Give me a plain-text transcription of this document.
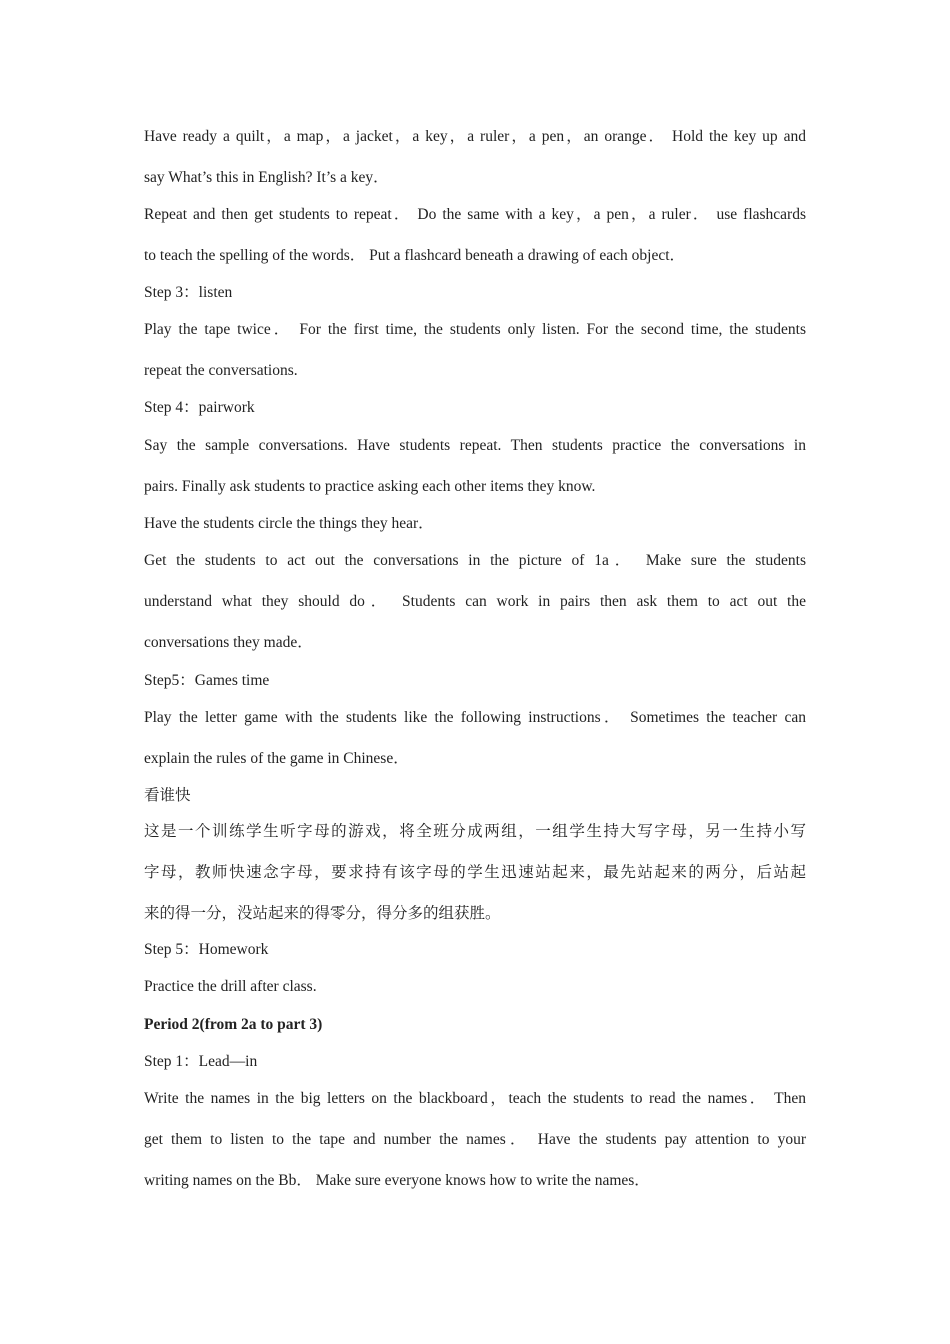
Have ready a quilt，a map，a jacket，a key，a ruler，a pen，an orange． Hold the key up and
say What’s this in English? It’s a key．
Repeat and then get students to repeat． Do the same with a key，a pen，a ruler． use flashcards
to teach the spelling of the words． Put a flashcard beneath a drawing of each object．
Step 3：listen
Play the tape twice． For the first time, the students only listen. For the second time, the students
repeat the conversations.
Step 4：pairwork
Say the sample conversations. Have students repeat. Then students practice the conversations in
pairs. Finally ask students to practice asking each other items they know.
Have the students circle the things they hear．
Get the students to act out the conversations in the picture of 1a． Make sure the students
understand what they should do． Students can work in pairs then ask them to act out the
conversations they made．
Step5：Games time
Play the letter game with the students like the following instructions． Sometimes the teacher can
explain the rules of the game in Chinese．
看谁快
这是一个训练学生听字母的游戏，将全班分成两组，一组学生持大写字母，另一生持小写
字母，教师快速念字母，要求持有该字母的学生迅速站起来，最先站起来的两分，后站起
来的得一分，没站起来的得零分，得分多的组获胜。
Step 5：Homework
Practice the drill after class.
Period 2(from 2a to part 3)
Step 1：Lead—in
Write the names in the big letters on the blackboard，teach the students to read the names． Then
get them to listen to the tape and number the names． Have the students pay attention to your
writing names on the Bb． Make sure everyone knows how to write the names．
